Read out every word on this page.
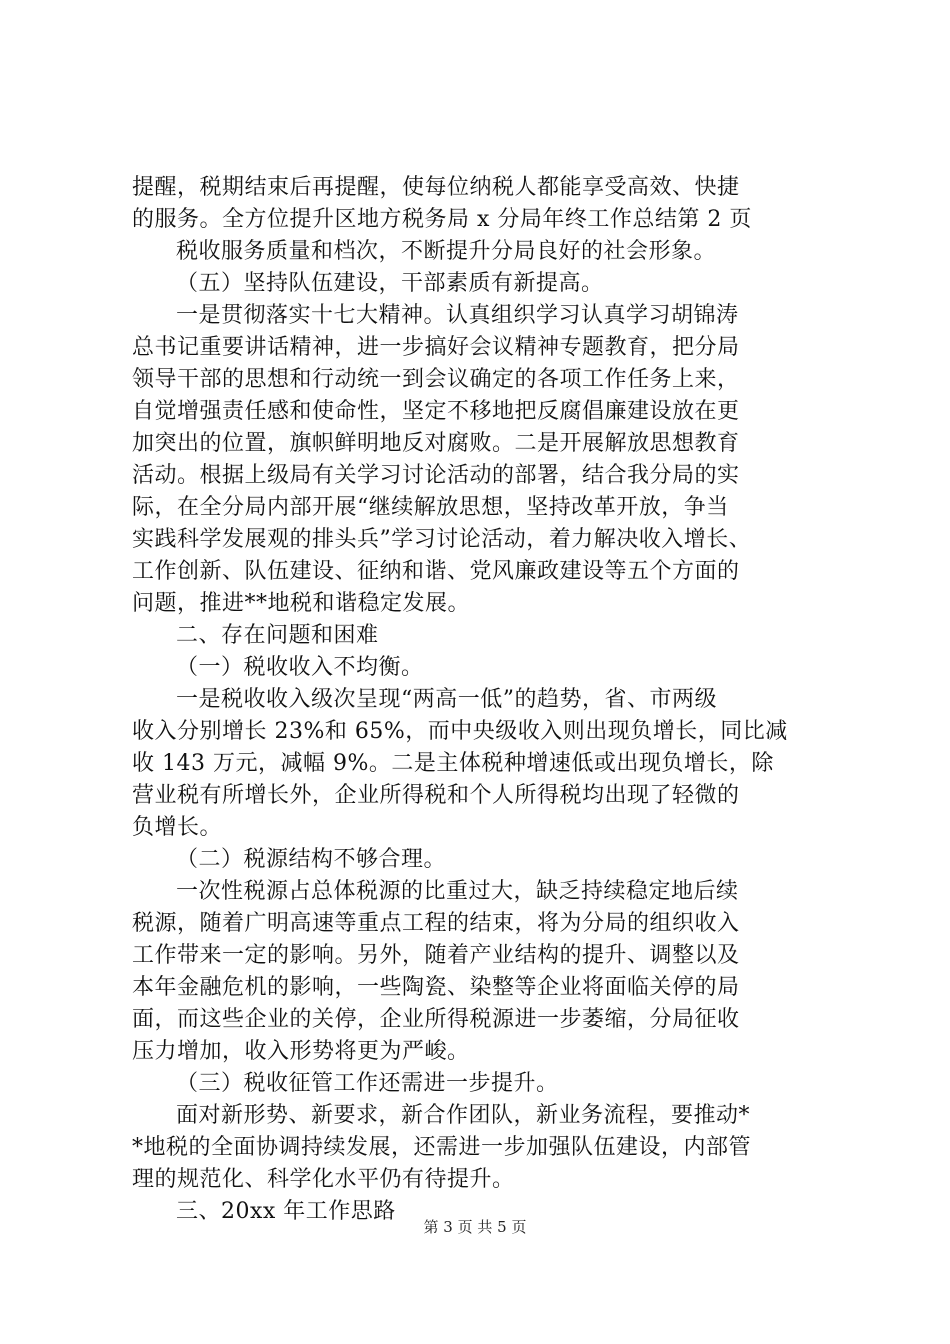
提醒，税期结束后再提醒，使每位纳税人都能享受高效、快捷
的服务。全方位提升区地方税务局 x 分局年终工作总结第 2 页
税收服务质量和档次，不断提升分局良好的社会形象。
（五）坚持队伍建设，干部素质有新提高。
一是贯彻落实十七大精神。认真组织学习认真学习胡锦涛
总书记重要讲话精神，进一步搞好会议精神专题教育，把分局
领导干部的思想和行动统一到会议确定的各项工作任务上来，
自觉增强责任感和使命性，坚定不移地把反腐倡廉建设放在更
加突出的位置，旗帜鲜明地反对腐败。二是开展解放思想教育
活动。根据上级局有关学习讨论活动的部署，结合我分局的实
际，在全分局内部开展“继续解放思想，坚持改革开放，争当
实践科学发展观的排头兵”学习讨论活动，着力解决收入增长、
工作创新、队伍建设、征纳和谐、党风廉政建设等五个方面的
问题，推进**地税和谐稳定发展。
二、存在问题和困难
（一）税收收入不均衡。
一是税收收入级次呈现“两高一低”的趋势，省、市两级
收入分别增长 23%和 65%，而中央级收入则出现负增长，同比减
收 143 万元，减幅 9%。二是主体税种增速低或出现负增长，除
营业税有所增长外，企业所得税和个人所得税均出现了轻微的
负增长。
（二）税源结构不够合理。
一次性税源占总体税源的比重过大，缺乏持续稳定地后续
税源，随着广明高速等重点工程的结束，将为分局的组织收入
工作带来一定的影响。另外，随着产业结构的提升、调整以及
本年金融危机的影响，一些陶瓷、染整等企业将面临关停的局
面，而这些企业的关停，企业所得税源进一步萎缩，分局征收
压力增加，收入形势将更为严峻。
（三）税收征管工作还需进一步提升。
面对新形势、新要求，新合作团队，新业务流程，要推动*
*地税的全面协调持续发展，还需进一步加强队伍建设，内部管
理的规范化、科学化水平仍有待提升。
三、20xx 年工作思路
第 3 页 共 5 页
